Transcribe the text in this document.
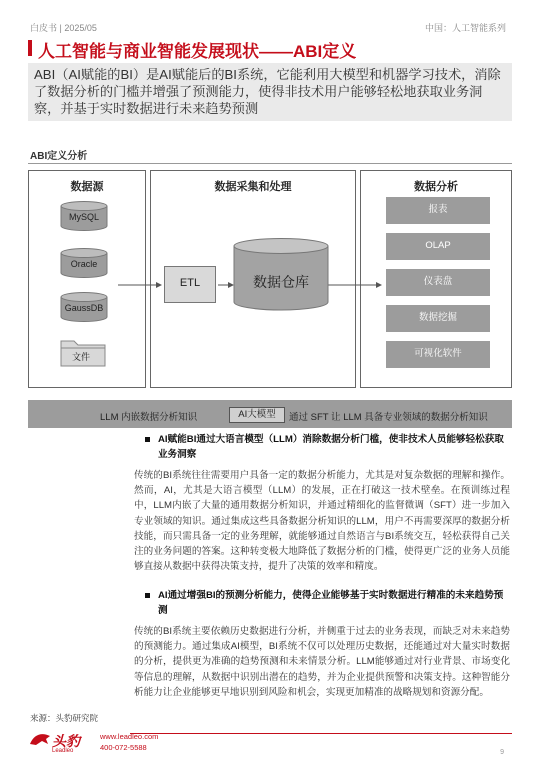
白皮书 | 2025/05	中国：人工智能系列
人工智能与商业智能发展现状——ABI定义
ABI（AI赋能的BI）是AI赋能后的BI系统，它能利用大模型和机器学习技术，消除了数据分析的门槛并增强了预测能力，使得非技术用户能够轻松地获取业务洞察，并基于实时数据进行未来趋势预测
ABI定义分析
数据源	数据采集和处理	数据分析
MySQL
Oracle
GaussDB
文件
ETL	数据仓库
报表
OLAP
仪表盘
数据挖掘
可视化软件
LLM 内嵌数据分析知识	AI大模型	通过 SFT 让 LLM 具备专业领域的数据分析知识
AI赋能BI通过大语言模型（LLM）消除数据分析门槛，使非技术人员能够轻松获取业务洞察
传统的BI系统往往需要用户具备一定的数据分析能力，尤其是对复杂数据的理解和操作。然而，AI，尤其是大语言模型（LLM）的发展，正在打破这一技术壁垒。在预训练过程中，LLM内嵌了大量的通用数据分析知识，并通过精细化的监督微调（SFT）进一步加入专业领域的知识。通过集成这些具备数据分析知识的LLM，用户不再需要深厚的数据分析技能，而只需具备一定的业务理解，就能够通过自然语言与BI系统交互，轻松获得自己关注的业务问题的答案。这种转变极大地降低了数据分析的门槛，使得更广泛的业务人员能够直接从数据中获得决策支持，提升了决策的效率和精度。
AI通过增强BI的预测分析能力，使得企业能够基于实时数据进行精准的未来趋势预测
传统的BI系统主要依赖历史数据进行分析，并侧重于过去的业务表现，而缺乏对未来趋势的预测能力。通过集成AI模型，BI系统不仅可以处理历史数据，还能通过对大量实时数据的分析，提供更为准确的趋势预测和未来情景分析。LLM能够通过对行业背景、市场变化等信息的理解，从数据中识别出潜在的趋势，并为企业提供预警和决策支持。这种智能分析能力让企业能够更早地识别到风险和机会，实现更加精准的战略规划和资源分配。
来源：头豹研究院
头豹
Leadleo
www.leadleo.com
400-072-5588
9
